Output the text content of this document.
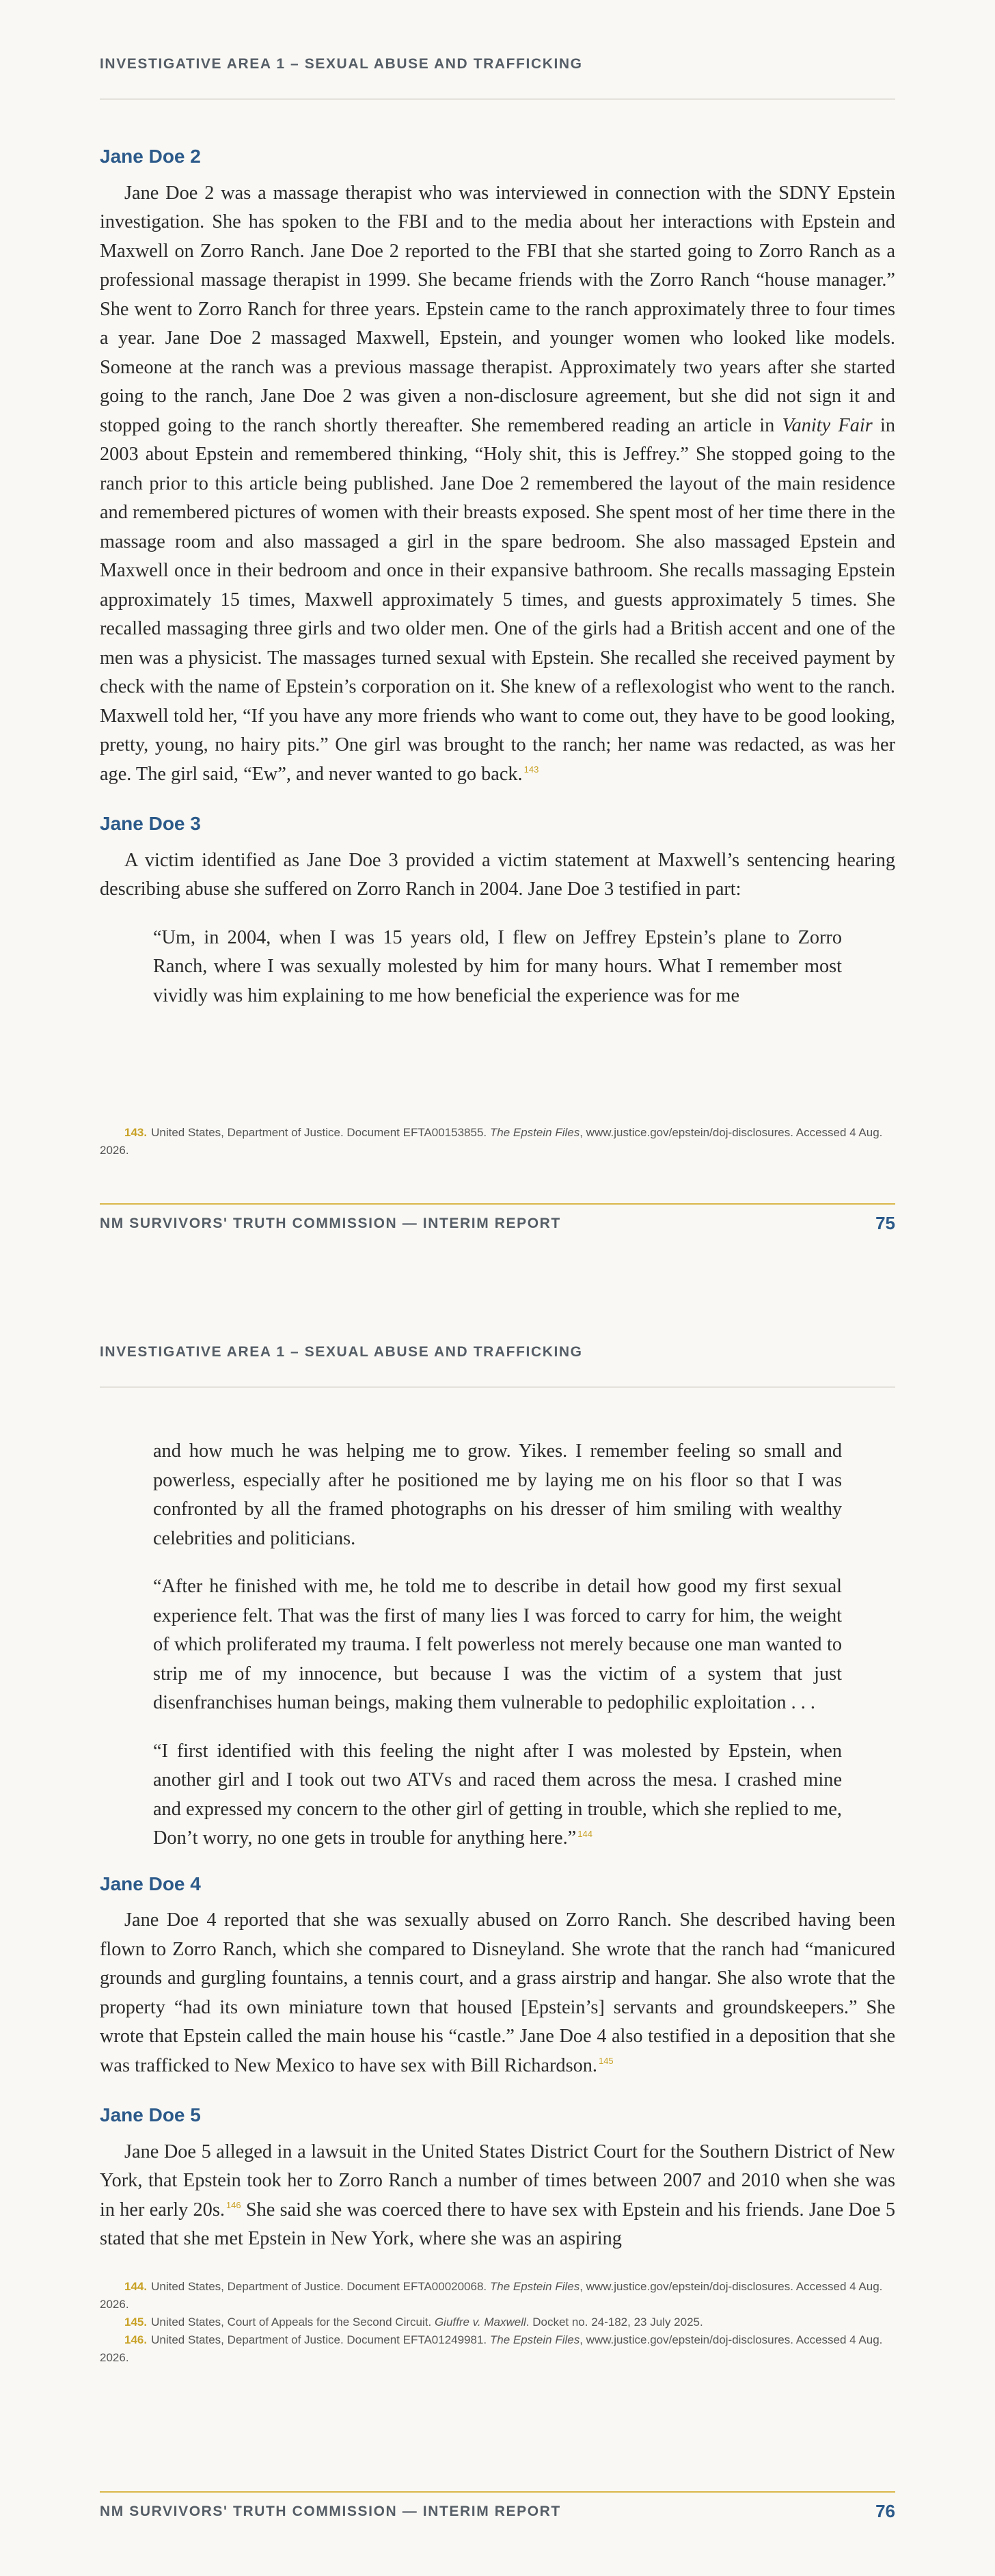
INVESTIGATIVE AREA 1 – SEXUAL ABUSE AND TRAFFICKING
Jane Doe 2

Jane Doe 2 was a massage therapist who was interviewed in connection with the SDNY Epstein investigation. She has spoken to the FBI and to the media about her interactions with Epstein and Maxwell on Zorro Ranch. Jane Doe 2 reported to the FBI that she started going to Zorro Ranch as a professional massage therapist in 1999. She became friends with the Zorro Ranch “house manager.” She went to Zorro Ranch for three years. Epstein came to the ranch approximately three to four times a year. Jane Doe 2 massaged Maxwell, Epstein, and younger women who looked like models. Someone at the ranch was a previous massage therapist. Approximately two years after she started going to the ranch, Jane Doe 2 was given a non-disclosure agreement, but she did not sign it and stopped going to the ranch shortly thereafter. She remembered reading an article in Vanity Fair in 2003 about Epstein and remembered thinking, “Holy shit, this is Jeffrey.” She stopped going to the ranch prior to this article being published. Jane Doe 2 remembered the layout of the main residence and remembered pictures of women with their breasts exposed. She spent most of her time there in the massage room and also massaged a girl in the spare bedroom. She also massaged Epstein and Maxwell once in their bedroom and once in their expansive bathroom. She recalls massaging Epstein approximately 15 times, Maxwell approximately 5 times, and guests approximately 5 times. She recalled massaging three girls and two older men. One of the girls had a British accent and one of the men was a physicist. The massages turned sexual with Epstein. She recalled she received payment by check with the name of Epstein’s corporation on it. She knew of a reflexologist who went to the ranch. Maxwell told her, “If you have any more friends who want to come out, they have to be good looking, pretty, young, no hairy pits.” One girl was brought to the ranch; her name was redacted, as was her age. The girl said, “Ew”, and never wanted to go back. $^{143}$

Jane Doe 3

A victim identified as Jane Doe 3 provided a victim statement at Maxwell’s sentencing hearing describing abuse she suffered on Zorro Ranch in 2004. Jane Doe 3 testified in part:

“Um, in 2004, when I was 15 years old, I flew on Jeffrey Epstein’s plane to Zorro Ranch, where I was sexually molested by him for many hours. What I remember most vividly was him explaining to me how beneficial the experience was for me

143. United States, Department of Justice. Document EFTA00153855. The Epstein Files, www.justice.gov/epstein/doj-disclosures. Accessed 4 Aug. 2026.

NM SURVIVORS' TRUTH COMMISSION — INTERIM REPORT	75
INVESTIGATIVE AREA 1 – SEXUAL ABUSE AND TRAFFICKING

and how much he was helping me to grow. Yikes. I remember feeling so small and powerless, especially after he positioned me by laying me on his floor so that I was confronted by all the framed photographs on his dresser of him smiling with wealthy celebrities and politicians.

“After he finished with me, he told me to describe in detail how good my first sexual experience felt. That was the first of many lies I was forced to carry for him, the weight of which proliferated my trauma. I felt powerless not merely because one man wanted to strip me of my innocence, but because I was the victim of a system that just disenfranchises human beings, making them vulnerable to pedophilic exploitation . . .

“I first identified with this feeling the night after I was molested by Epstein, when another girl and I took out two ATVs and raced them across the mesa. I crashed mine and expressed my concern to the other girl of getting in trouble, which she replied to me, Don’t worry, no one gets in trouble for anything here.” $^{144}$

Jane Doe 4

Jane Doe 4 reported that she was sexually abused on Zorro Ranch. She described having been flown to Zorro Ranch, which she compared to Disneyland. She wrote that the ranch had “manicured grounds and gurgling fountains, a tennis court, and a grass airstrip and hangar. She also wrote that the property “had its own miniature town that housed [Epstein’s] servants and groundskeepers.” She wrote that Epstein called the main house his “castle.” Jane Doe 4 also testified in a deposition that she was trafficked to New Mexico to have sex with Bill Richardson. $^{145}$

Jane Doe 5

Jane Doe 5 alleged in a lawsuit in the United States District Court for the Southern District of New York, that Epstein took her to Zorro Ranch a number of times between 2007 and 2010 when she was in her early 20s. $^{146}$ She said she was coerced there to have sex with Epstein and his friends. Jane Doe 5 stated that she met Epstein in New York, where she was an aspiring

144. United States, Department of Justice. Document EFTA00020068. The Epstein Files, www.justice.gov/epstein/doj-disclosures. Accessed 4 Aug. 2026.

145. United States, Court of Appeals for the Second Circuit. Giuffre v. Maxwell. Docket no. 24-182, 23 July 2025.

146. United States, Department of Justice. Document EFTA01249981. The Epstein Files, www.justice.gov/epstein/doj-disclosures. Accessed 4 Aug. 2026.

NM SURVIVORS' TRUTH COMMISSION — INTERIM REPORT	76
